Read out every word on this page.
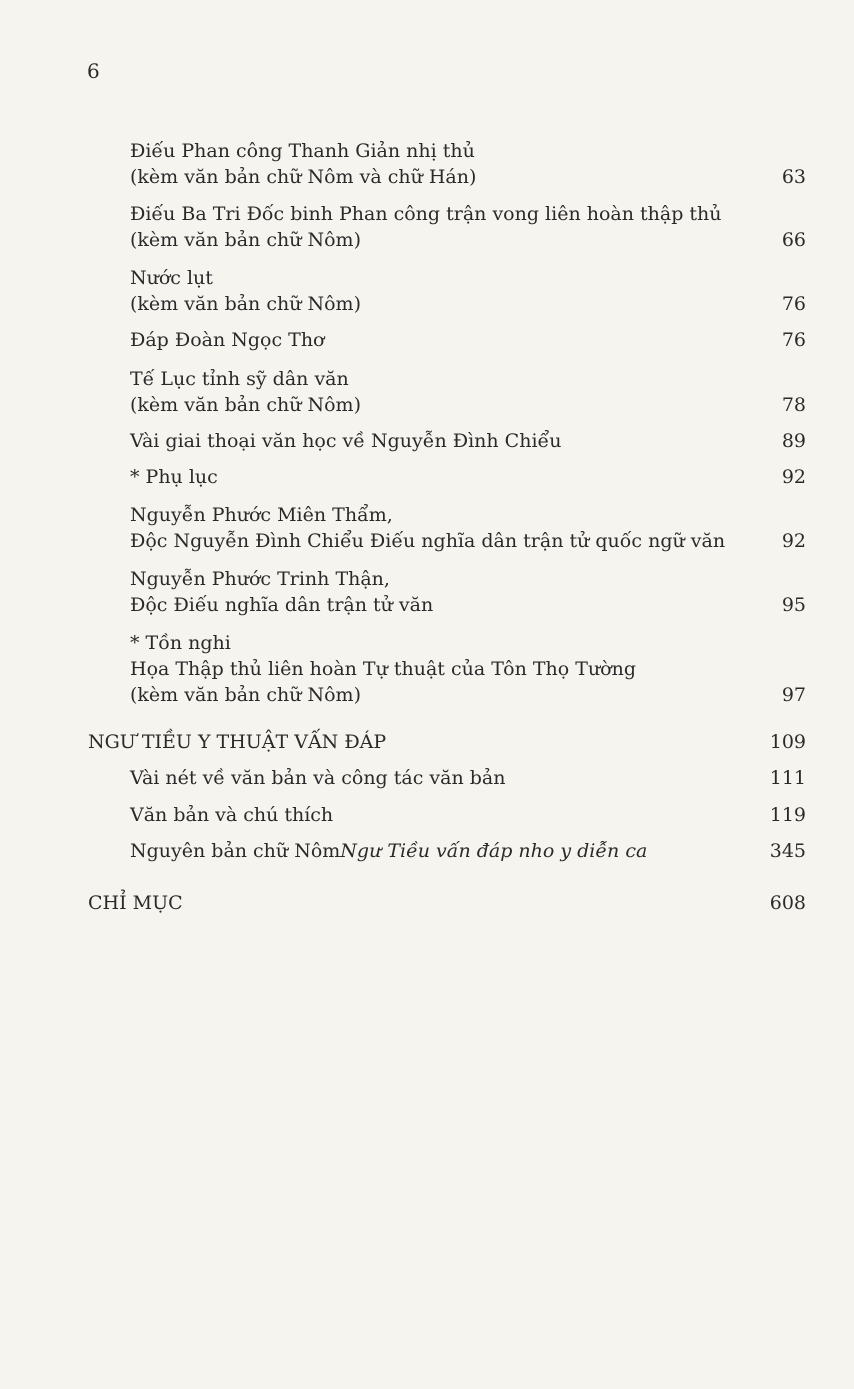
6
Điếu Phan công Thanh Giản nhị thủ
(kèm văn bản chữ Nôm và chữ Hán)	63
Điếu Ba Tri Đốc binh Phan công trận vong liên hoàn thập thủ
(kèm văn bản chữ Nôm)	66
Nước lụt
(kèm văn bản chữ Nôm)	76
Đáp Đoàn Ngọc Thơ	76
Tế Lục tỉnh sỹ dân văn
(kèm văn bản chữ Nôm)	78
Vài giai thoại văn học về Nguyễn Đình Chiểu	89
* Phụ lục	92
Nguyễn Phước Miên Thẩm,
Độc Nguyễn Đình Chiểu Điếu nghĩa dân trận tử quốc ngữ văn	92
Nguyễn Phước Trinh Thận,
Độc Điếu nghĩa dân trận tử văn	95
* Tồn nghi
Họa Thập thủ liên hoàn Tự thuật của Tôn Thọ Tường
(kèm văn bản chữ Nôm)	97
NGƯ TIỀU Y THUẬT VẤN ĐÁP	109
Vài nét về văn bản và công tác văn bản	111
Văn bản và chú thích	119
Nguyên bản chữ NômNgư Tiều vấn đáp nho y diễn ca	345
CHỈ MỤC	608
